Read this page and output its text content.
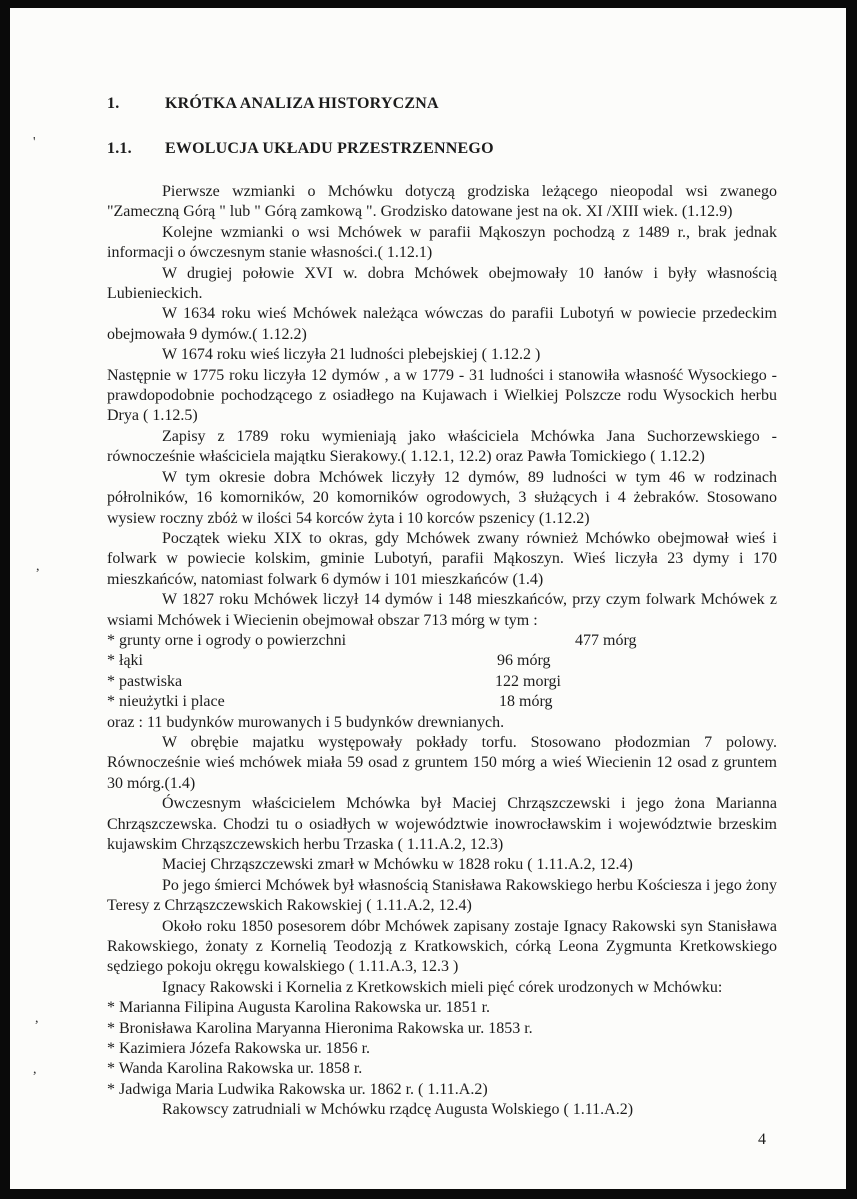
1.	KRÓTKA ANALIZA HISTORYCZNA
1.1.	EWOLUCJA UKŁADU PRZESTRZENNEGO

Pierwsze wzmianki o Mchówku dotyczą grodziska leżącego nieopodal wsi zwanego "Zameczną Górą " lub " Górą zamkową ". Grodzisko datowane jest na ok. XI /XIII wiek. (1.12.9)

Kolejne wzmianki o wsi Mchówek w parafii Mąkoszyn pochodzą z 1489 r., brak jednak informacji o ówczesnym stanie własności.( 1.12.1)

W drugiej połowie XVI w. dobra Mchówek obejmowały 10 łanów i były własnością Lubienieckich.

W 1634 roku wieś Mchówek należąca wówczas do parafii Lubotyń w powiecie przedeckim obejmowała 9 dymów.( 1.12.2)

W 1674 roku wieś liczyła 21 ludności plebejskiej ( 1.12.2 )

Następnie w 1775 roku liczyła 12 dymów , a w 1779 - 31 ludności i stanowiła własność Wysockiego - prawdopodobnie pochodzącego z osiadłego na Kujawach i Wielkiej Polszcze rodu Wysockich herbu Drya ( 1.12.5)

Zapisy z 1789 roku wymieniają jako właściciela Mchówka Jana Suchorzewskiego - równocześnie właściciela majątku Sierakowy.( 1.12.1, 12.2) oraz Pawła Tomickiego ( 1.12.2)

W tym okresie dobra Mchówek liczyły 12 dymów, 89 ludności w tym 46 w rodzinach półrolników, 16 komorników, 20 komorników ogrodowych, 3 służących i 4 żebraków. Stosowano wysiew roczny zbóż w ilości 54 korców żyta i 10 korców pszenicy (1.12.2)

Początek wieku XIX to okras, gdy Mchówek zwany również Mchówko obejmował wieś i folwark w powiecie kolskim, gminie Lubotyń, parafii Mąkoszyn. Wieś liczyła 23 dymy i 170 mieszkańców, natomiast folwark 6 dymów i 101 mieszkańców (1.4)

W 1827 roku Mchówek liczył 14 dymów i 148 mieszkańców, przy czym folwark Mchówek z wsiami Mchówek i Wiecienin obejmował obszar 713 mórg w tym :

* grunty orne i ogrody o powierzchni	477 mórg

* łąki	96 mórg

* pastwiska	122 morgi

* nieużytki i place	18 mórg

oraz : 11 budynków murowanych i 5 budynków drewnianych.

W obrębie majatku występowały pokłady torfu. Stosowano płodozmian 7 polowy. Równocześnie wieś mchówek miała 59 osad z gruntem 150 mórg a wieś Wiecienin 12 osad z gruntem 30 mórg.(1.4)

Ówczesnym właścicielem Mchówka był Maciej Chrząszczewski i jego żona Marianna Chrząszczewska. Chodzi tu o osiadłych w województwie inowrocławskim i województwie brzeskim kujawskim Chrząszczewskich herbu Trzaska ( 1.11.A.2, 12.3)

Maciej Chrząszczewski zmarł w Mchówku w 1828 roku ( 1.11.A.2, 12.4)

Po jego śmierci Mchówek był własnością Stanisława Rakowskiego herbu Kościesza i jego żony Teresy z Chrząszczewskich Rakowskiej ( 1.11.A.2, 12.4)

Około roku 1850 posesorem dóbr Mchówek zapisany zostaje Ignacy Rakowski syn Stanisława Rakowskiego, żonaty z Kornelią Teodozją z Kratkowskich, córką Leona Zygmunta Kretkowskiego sędziego pokoju okręgu kowalskiego ( 1.11.A.3, 12.3 )

Ignacy Rakowski i Kornelia z Kretkowskich mieli pięć córek urodzonych w Mchówku:

* Marianna Filipina Augusta Karolina Rakowska ur. 1851 r.

* Bronisława Karolina Maryanna Hieronima Rakowska ur. 1853 r.

* Kazimiera Józefa Rakowska ur. 1856 r.

* Wanda Karolina Rakowska ur. 1858 r.

* Jadwiga Maria Ludwika Rakowska ur. 1862 r. ( 1.11.A.2)

Rakowscy zatrudniali w Mchówku rządcę Augusta Wolskiego ( 1.11.A.2)

4
'
,
,
,
